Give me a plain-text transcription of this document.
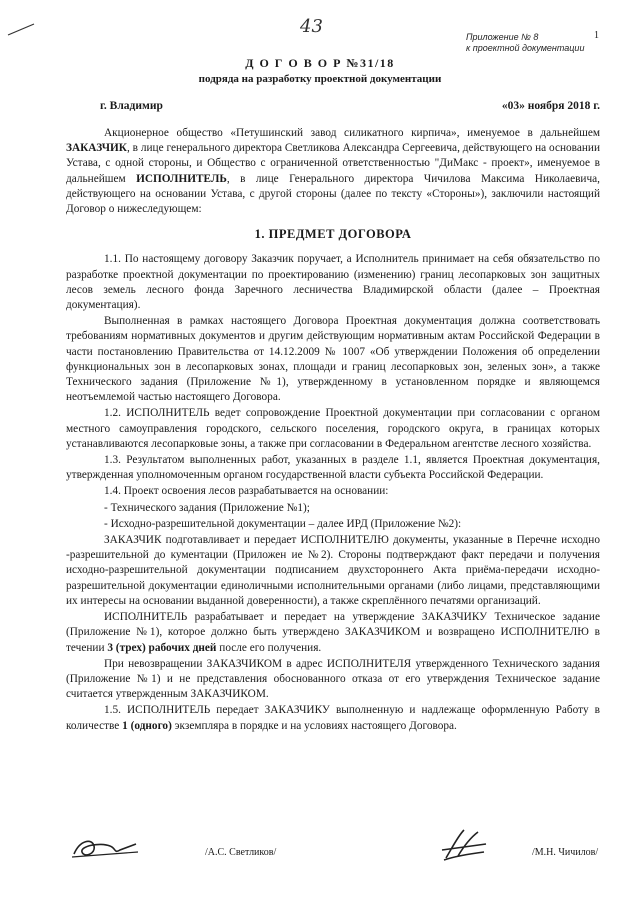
43	Приложение № 8
к проектной документации
1
Д О Г О В О Р №31/18
подряда на разработку проектной документации
г. Владимир	«03» ноября 2018 г.

Акционерное общество «Петушинский завод силикатного кирпича», именуемое в дальнейшем ЗАКАЗЧИК, в лице генерального директора Светликова Александра Сергеевича, действующего на основании Устава, с одной стороны, и Общество с ограниченной ответственностью "ДиМакс - проект», именуемое в дальнейшем ИСПОЛНИТЕЛЬ, в лице Генерального директора Чичилова Максима Николаевича, действующего на основании Устава, с другой стороны (далее по тексту «Стороны»), заключили настоящий Договор о нижеследующем:

1. ПРЕДМЕТ ДОГОВОРА

1.1. По настоящему договору Заказчик поручает, а Исполнитель принимает на себя обязательство по разработке проектной документации по проектированию (изменению) границ лесопарковых зон защитных лесов земель лесного фонда Заречного лесничества Владимирской области (далее – Проектная документация).

Выполненная в рамках настоящего Договора Проектная документация должна соответствовать требованиям нормативных документов и другим действующим нормативным актам Российской Федерации в части постановлению Правительства от 14.12.2009 № 1007 «Об утверждении Положения об определении функциональных зон в лесопарковых зонах, площади и границ лесопарковых зон, зеленых зон», а также Технического задания (Приложение №1), утвержденному в установленном порядке и являющемся неотъемлемой частью настоящего Договора.

1.2. ИСПОЛНИТЕЛЬ ведет сопровождение Проектной документации при согласовании с органом местного самоуправления городского, сельского поселения, городского округа, в границах которых устанавливаются лесопарковые зоны, а также при согласовании в Федеральном агентстве лесного хозяйства.

1.3. Результатом выполненных работ, указанных в разделе 1.1, является Проектная документация, утвержденная уполномоченным органом государственной власти субъекта Российской Федерации.

1.4. Проект освоения лесов разрабатывается на основании:

- Технического задания (Приложение №1);

- Исходно-разрешительной документации – далее ИРД (Приложение №2):

ЗАКАЗЧИК подготавливает и передает ИСПОЛНИТЕЛЮ документы, указанные в Перечне исходно -разрешительной до кументации (Приложен ие №2). Стороны подтверждают факт передачи и получения исходно-разрешительной документации подписанием двухстороннего Акта приёма-передачи исходно-разрешительной документации единоличными исполнительными органами (либо лицами, представляющими их интересы на основании выданной доверенности), а также скреплённого печатями организаций.

ИСПОЛНИТЕЛЬ разрабатывает и передает на утверждение ЗАКАЗЧИКУ Техническое задание (Приложение №1), которое должно быть утверждено ЗАКАЗЧИКОМ и возвращено ИСПОЛНИТЕЛЮ в течении 3 (трех) рабочих дней после его получения.

При невозвращении ЗАКАЗЧИКОМ в адрес ИСПОЛНИТЕЛЯ утвержденного Технического задания (Приложение №1) и не представления обоснованного отказа от его утверждения Техническое задание считается утвержденным ЗАКАЗЧИКОМ.

1.5. ИСПОЛНИТЕЛЬ передает ЗАКАЗЧИКУ выполненную и надлежаще оформленную Работу в количестве 1 (одного) экземпляра в порядке и на условиях настоящего Договора.

/А.С. Светликов/	/М.Н. Чичилов/
